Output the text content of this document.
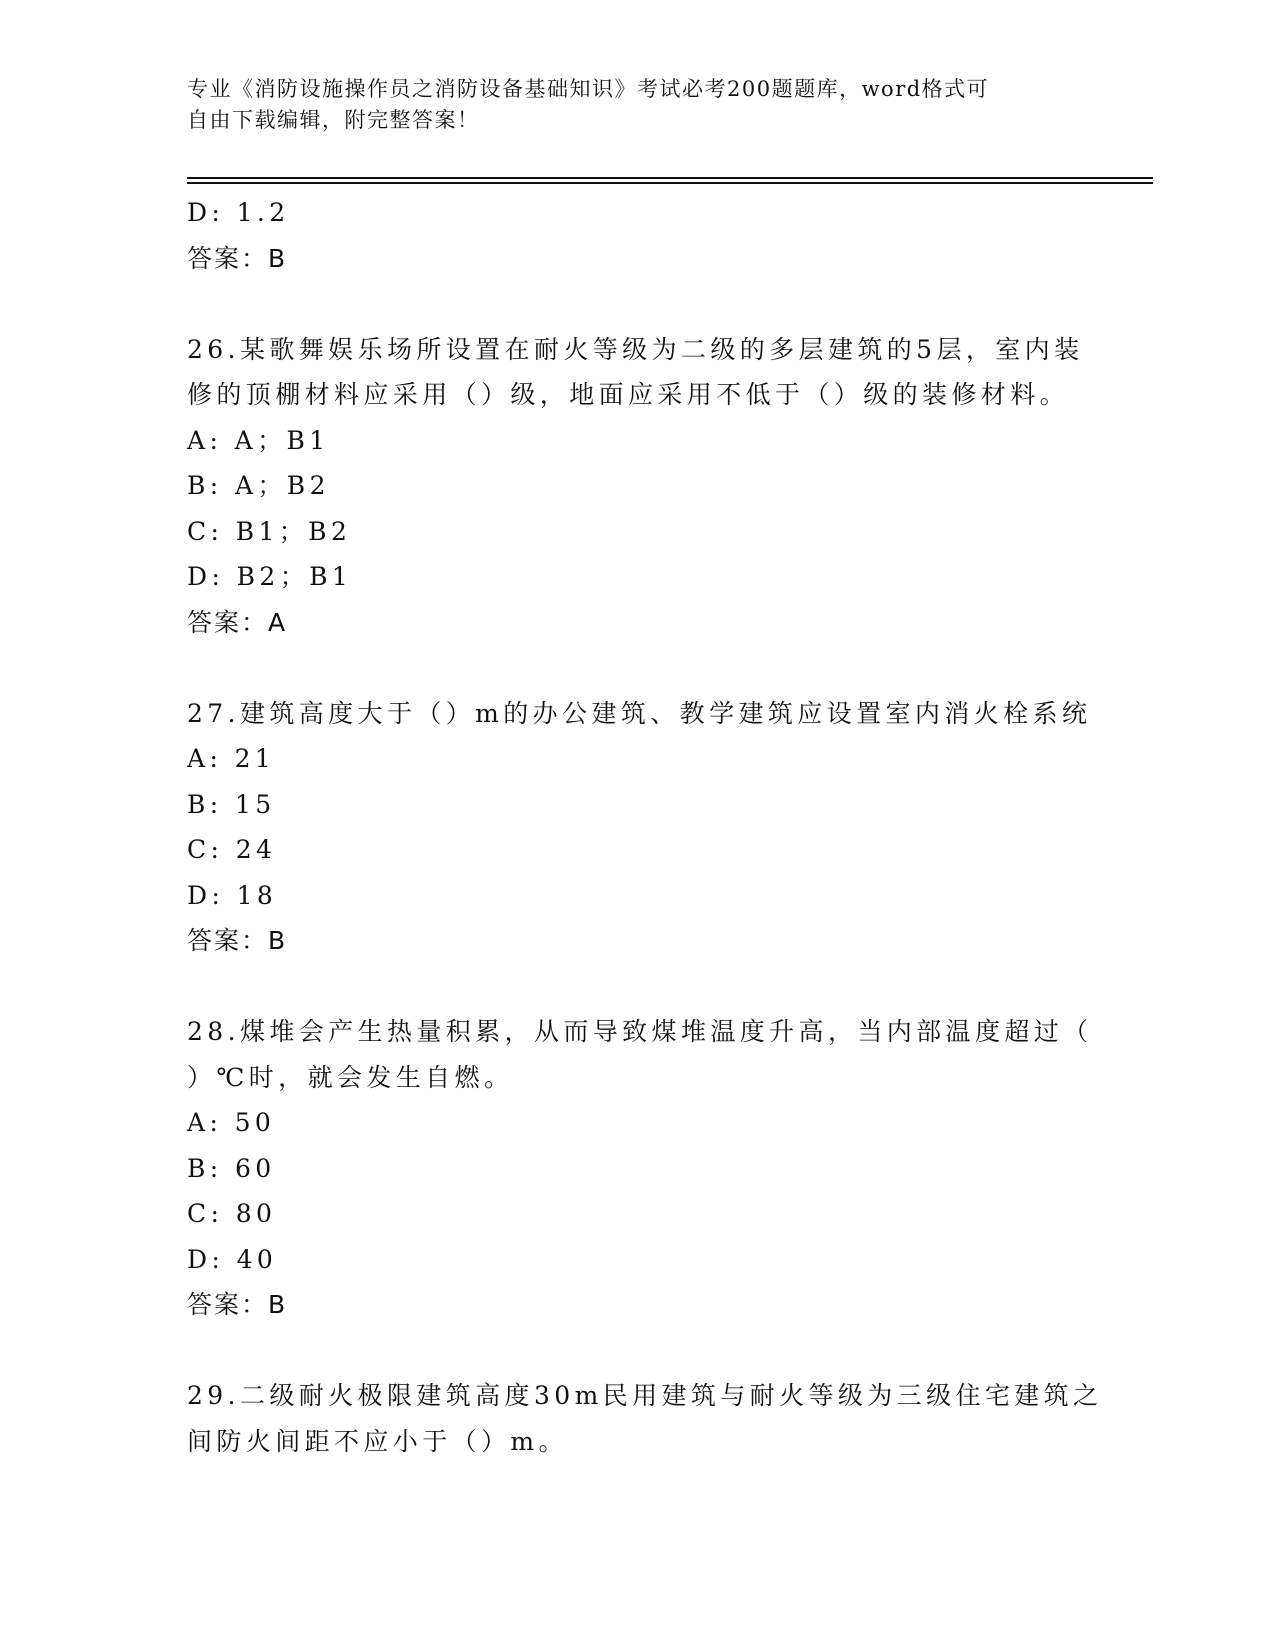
专业《消防设施操作员之消防设备基础知识》考试必考200题题库，word格式可
自由下载编辑，附完整答案！
D: 1.2
答案：B
26.某歌舞娱乐场所设置在耐火等级为二级的多层建筑的5层，室内装
修的顶棚材料应采用（）级，地面应采用不低于（）级的装修材料。
A: A；B1
B: A；B2
C: B1；B2
D: B2；B1
答案：A
27.建筑高度大于（）m的办公建筑、教学建筑应设置室内消火栓系统
A: 21
B: 15
C: 24
D: 18
答案：B
28.煤堆会产生热量积累，从而导致煤堆温度升高，当内部温度超过（
）℃时，就会发生自燃。
A: 50
B: 60
C: 80
D: 40
答案：B
29.二级耐火极限建筑高度30m民用建筑与耐火等级为三级住宅建筑之
间防火间距不应小于（）m。
